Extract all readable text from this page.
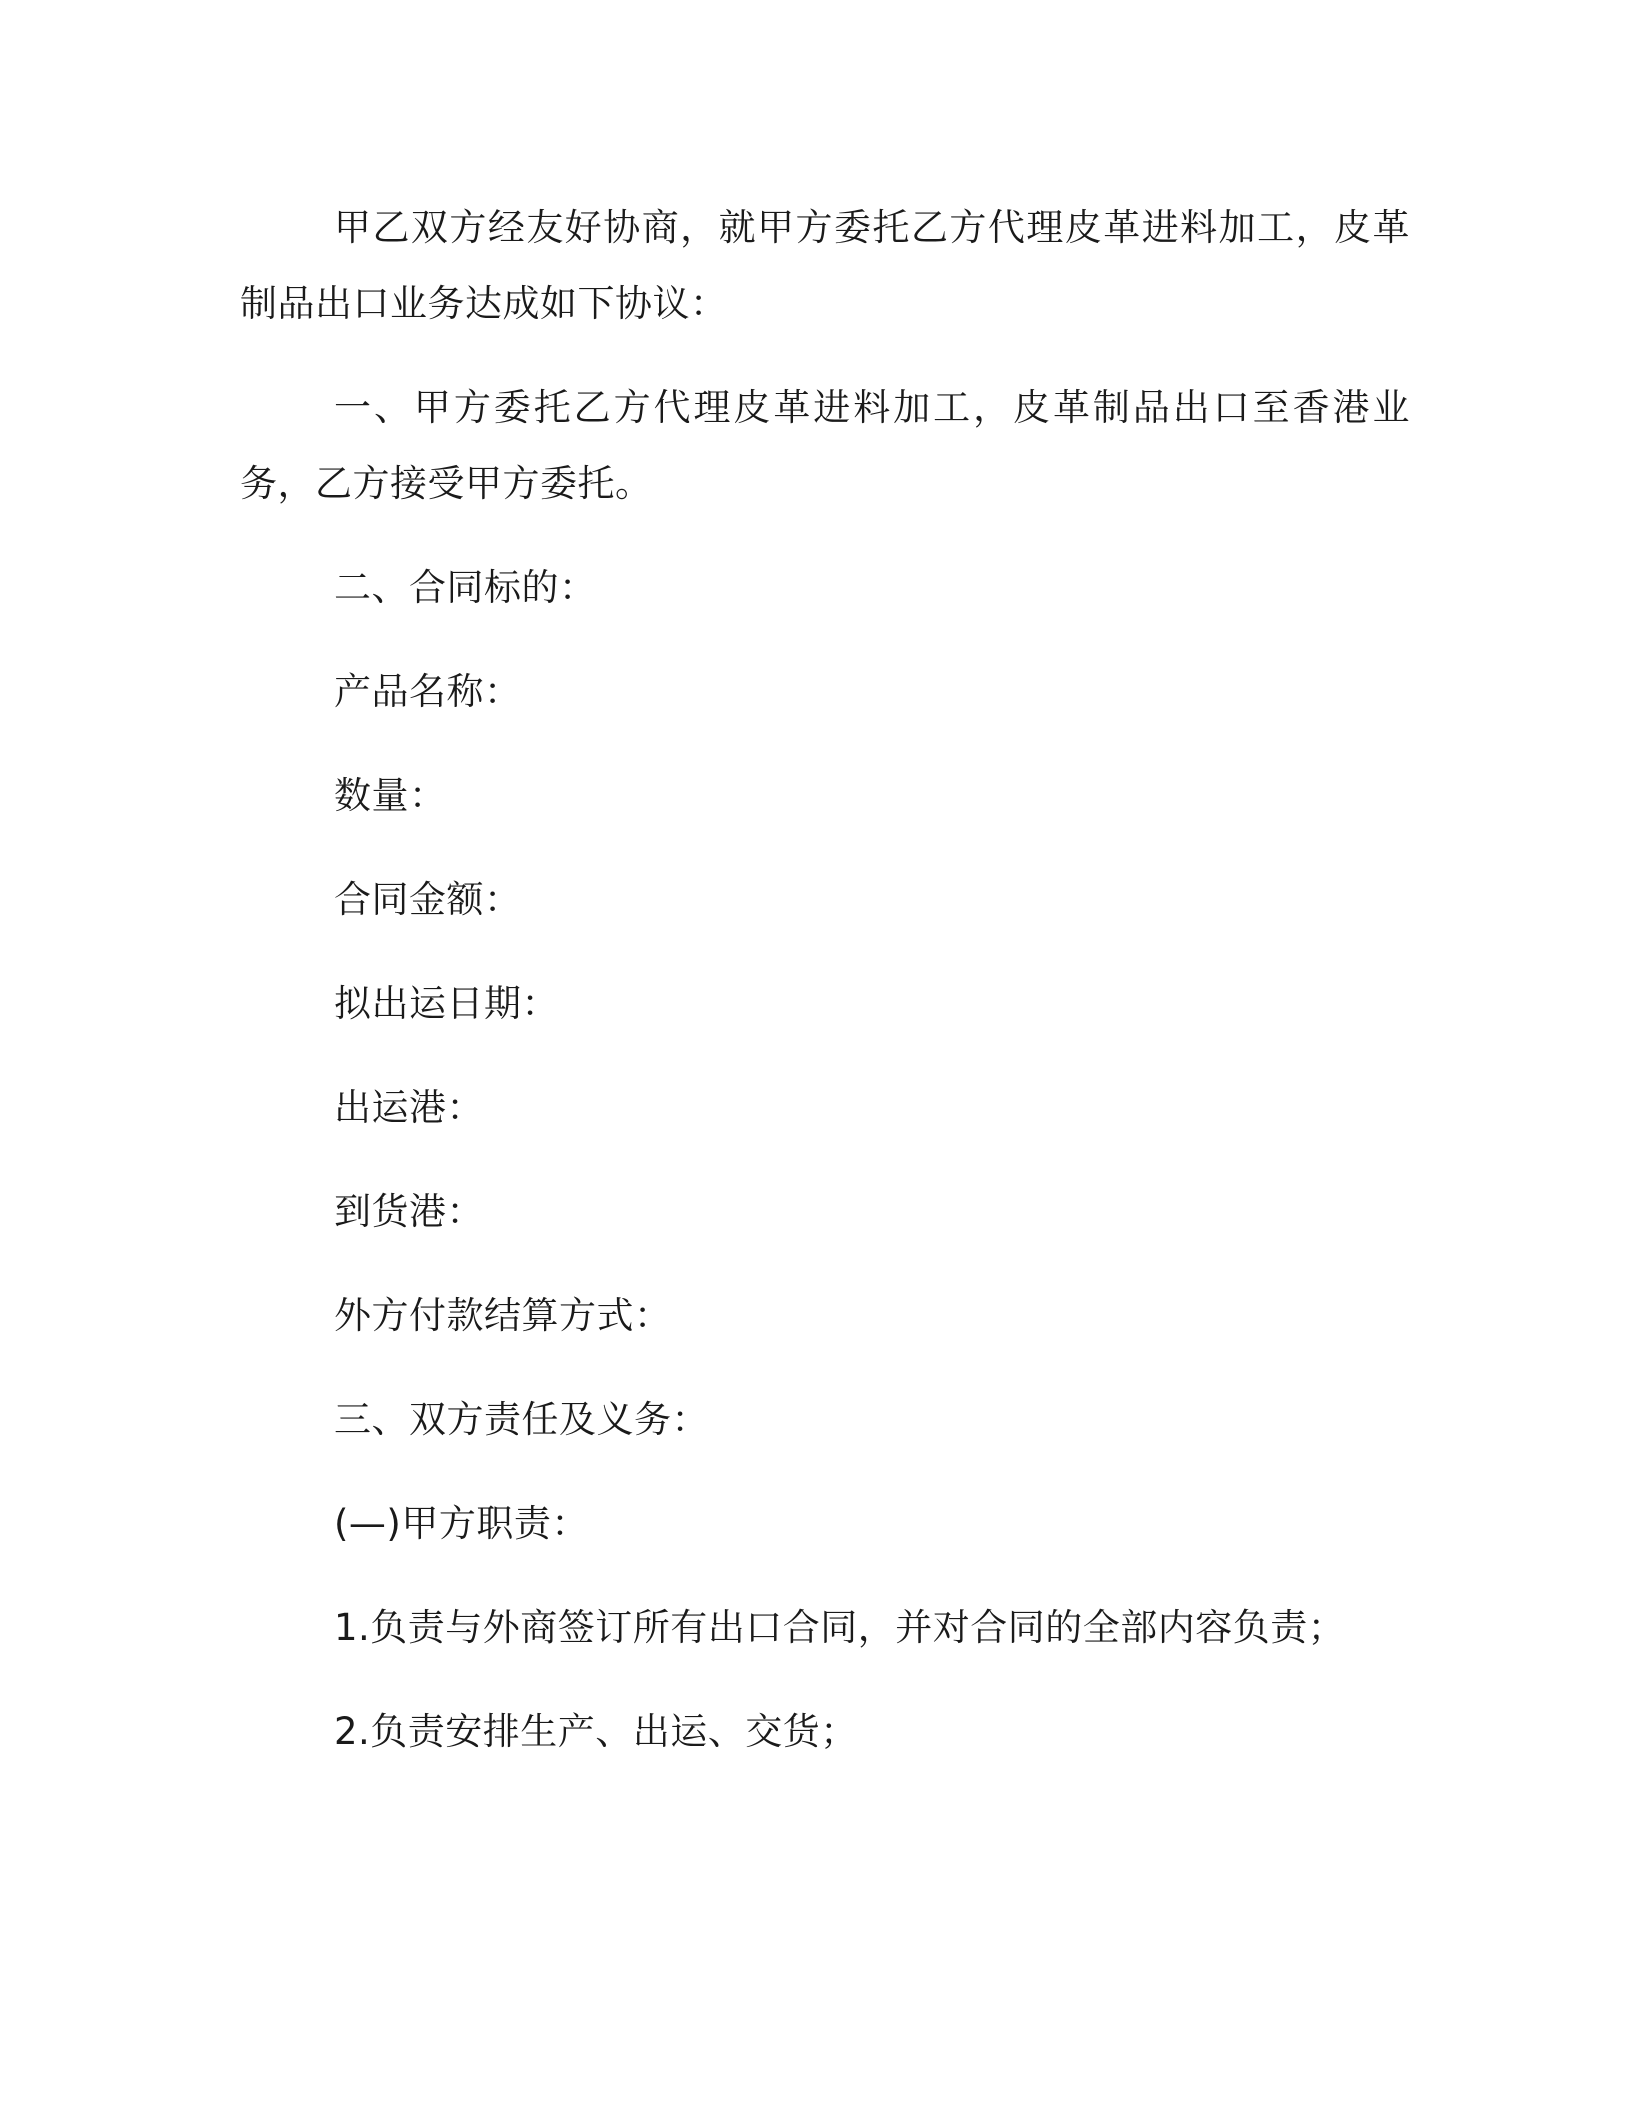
甲乙双方经友好协商，就甲方委托乙方代理皮革进料加工，皮革制品出口业务达成如下协议：

一、甲方委托乙方代理皮革进料加工，皮革制品出口至香港业务，乙方接受甲方委托。

二、合同标的：

产品名称：

数量：

合同金额：

拟出运日期：

出运港：

到货港：

外方付款结算方式：

三、双方责任及义务：

(—)甲方职责：

1.负责与外商签订所有出口合同，并对合同的全部内容负责；

2.负责安排生产、出运、交货；
